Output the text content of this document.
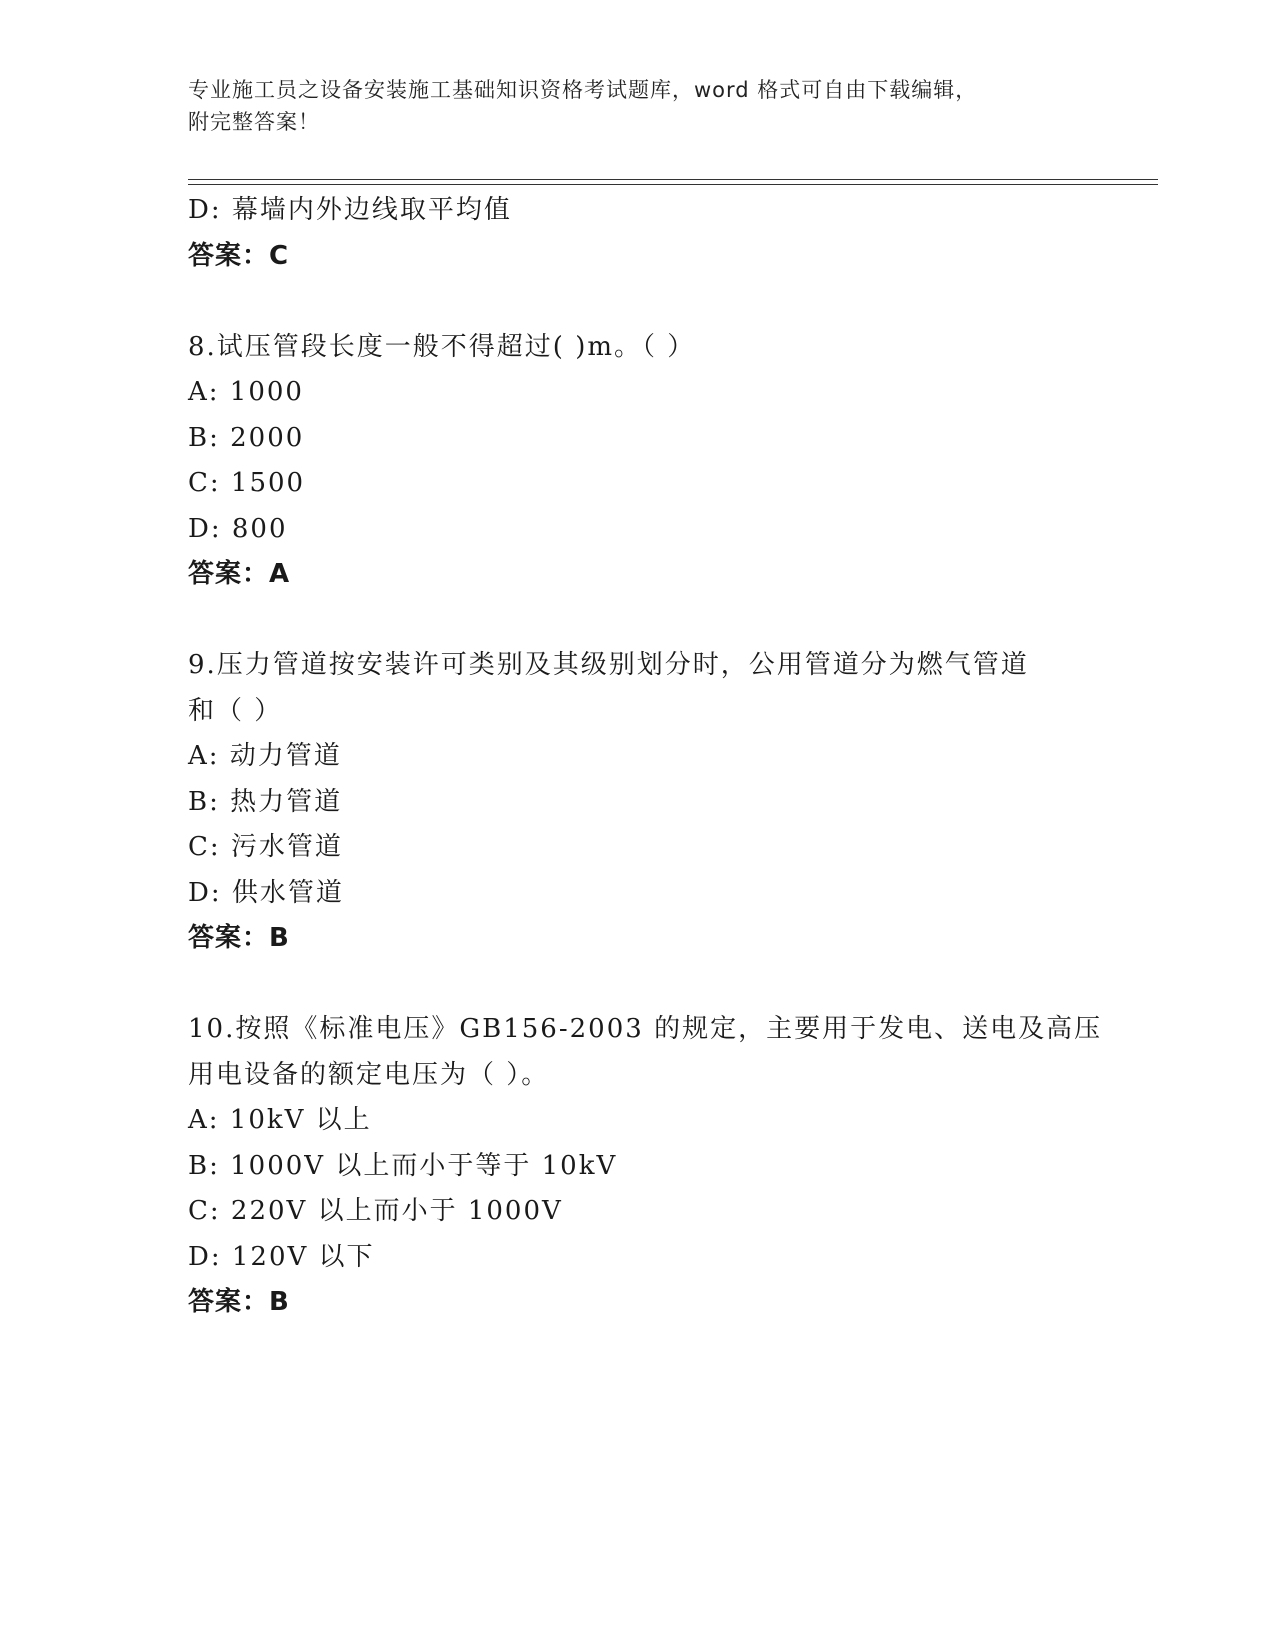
专业施工员之设备安装施工基础知识资格考试题库，word 格式可自由下载编辑，
附完整答案！
D: 幕墙内外边线取平均值
答案：C
8.试压管段长度一般不得超过( )m。（ ）
A: 1000
B: 2000
C: 1500
D: 800
答案：A
9.压力管道按安装许可类别及其级别划分时，公用管道分为燃气管道
和（ ）
A: 动力管道
B: 热力管道
C: 污水管道
D: 供水管道
答案：B
10.按照《标准电压》GB156-2003 的规定，主要用于发电、送电及高压
用电设备的额定电压为（ ）。
A: 10kV 以上
B: 1000V 以上而小于等于 10kV
C: 220V 以上而小于 1000V
D: 120V 以下
答案：B
